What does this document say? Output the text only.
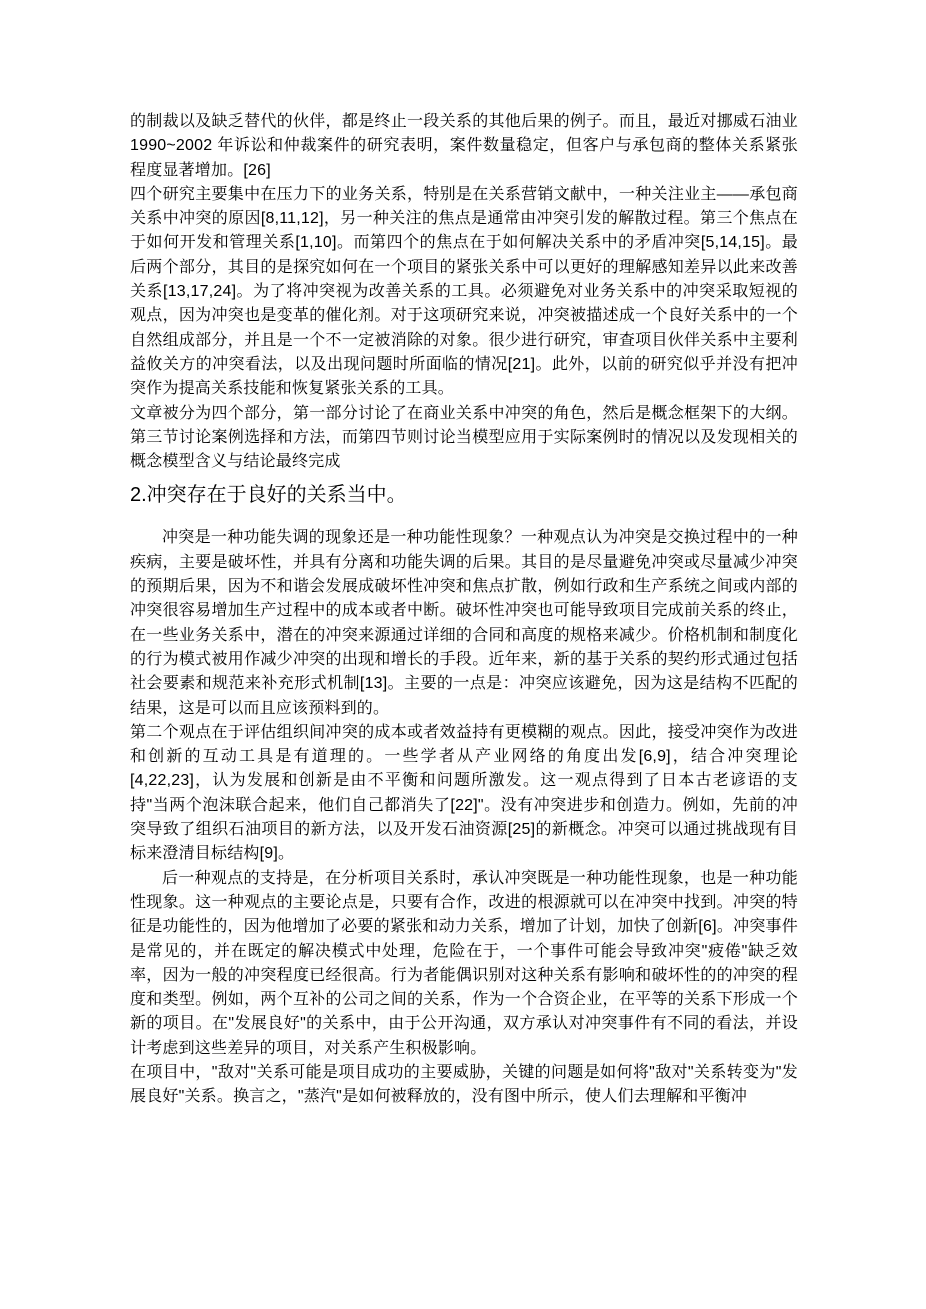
的制裁以及缺乏替代的伙伴，都是终止一段关系的其他后果的例子。而且，最近对挪威石油业 1990~2002 年诉讼和仲裁案件的研究表明，案件数量稳定，但客户与承包商的整体关系紧张程度显著增加。[26]

四个研究主要集中在压力下的业务关系，特别是在关系营销文献中，一种关注业主——承包商关系中冲突的原因[8,11,12]，另一种关注的焦点是通常由冲突引发的解散过程。第三个焦点在于如何开发和管理关系[1,10]。而第四个的焦点在于如何解决关系中的矛盾冲突[5,14,15]。最后两个部分，其目的是探究如何在一个项目的紧张关系中可以更好的理解感知差异以此来改善关系[13,17,24]。为了将冲突视为改善关系的工具。必须避免对业务关系中的冲突采取短视的观点，因为冲突也是变革的催化剂。对于这项研究来说，冲突被描述成一个良好关系中的一个自然组成部分，并且是一个不一定被消除的对象。很少进行研究，审查项目伙伴关系中主要利益攸关方的冲突看法，以及出现问题时所面临的情况[21]。此外，以前的研究似乎并没有把冲突作为提高关系技能和恢复紧张关系的工具。

文章被分为四个部分，第一部分讨论了在商业关系中冲突的角色，然后是概念框架下的大纲。第三节讨论案例选择和方法，而第四节则讨论当模型应用于实际案例时的情况以及发现相关的概念模型含义与结论最终完成

2.冲突存在于良好的关系当中。

冲突是一种功能失调的现象还是一种功能性现象？一种观点认为冲突是交换过程中的一种疾病，主要是破坏性，并具有分离和功能失调的后果。其目的是尽量避免冲突或尽量减少冲突的预期后果，因为不和谐会发展成破坏性冲突和焦点扩散，例如行政和生产系统之间或内部的冲突很容易增加生产过程中的成本或者中断。破坏性冲突也可能导致项目完成前关系的终止，在一些业务关系中，潜在的冲突来源通过详细的合同和高度的规格来减少。价格机制和制度化的行为模式被用作减少冲突的出现和增长的手段。近年来，新的基于关系的契约形式通过包括社会要素和规范来补充形式机制[13]。主要的一点是：冲突应该避免，因为这是结构不匹配的结果，这是可以而且应该预料到的。

第二个观点在于评估组织间冲突的成本或者效益持有更模糊的观点。因此，接受冲突作为改进和创新的互动工具是有道理的。一些学者从产业网络的角度出发[6,9]，结合冲突理论[4,22,23]，认为发展和创新是由不平衡和问题所激发。这一观点得到了日本古老谚语的支持"当两个泡沫联合起来，他们自己都消失了[22]"。没有冲突进步和创造力。例如，先前的冲突导致了组织石油项目的新方法，以及开发石油资源[25]的新概念。冲突可以通过挑战现有目标来澄清目标结构[9]。

后一种观点的支持是，在分析项目关系时，承认冲突既是一种功能性现象，也是一种功能性现象。这一种观点的主要论点是，只要有合作，改进的根源就可以在冲突中找到。冲突的特征是功能性的，因为他增加了必要的紧张和动力关系，增加了计划，加快了创新[6]。冲突事件是常见的，并在既定的解决模式中处理，危险在于，一个事件可能会导致冲突"疲倦"缺乏效率，因为一般的冲突程度已经很高。行为者能偶识别对这种关系有影响和破坏性的的冲突的程度和类型。例如，两个互补的公司之间的关系，作为一个合资企业，在平等的关系下形成一个新的项目。在"发展良好"的关系中，由于公开沟通，双方承认对冲突事件有不同的看法，并设计考虑到这些差异的项目，对关系产生积极影响。

在项目中，"敌对"关系可能是项目成功的主要威胁，关键的问题是如何将"敌对"关系转变为"发展良好"关系。换言之，"蒸汽"是如何被释放的，没有图中所示，使人们去理解和平衡冲
